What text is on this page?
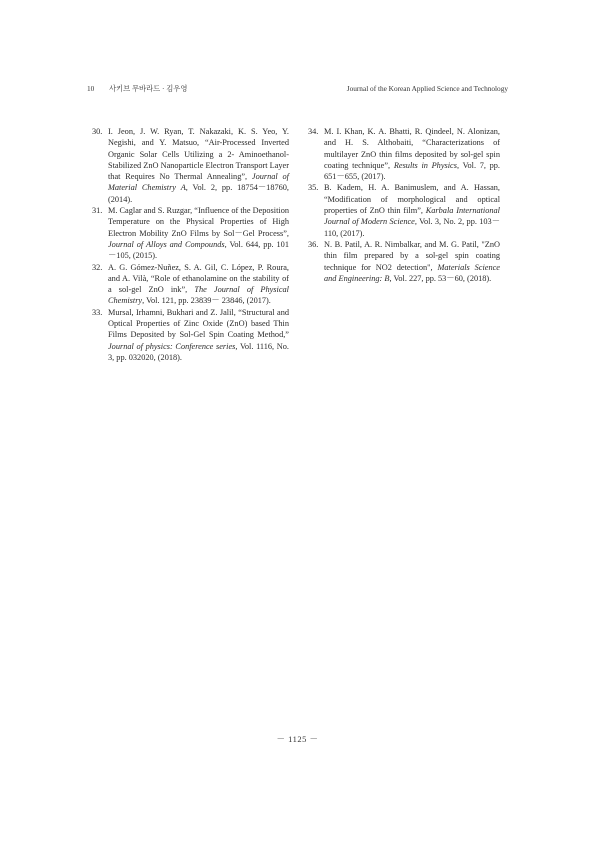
10 사키브 무바라드 · 김우영	Journal of the Korean Applied Science and Technology

30. I. Jeon, J. W. Ryan, T. Nakazaki, K. S. Yeo, Y. Negishi, and Y. Matsuo, “Air-Processed Inverted Organic Solar Cells Utilizing a 2- Aminoethanol-Stabilized ZnO Nanoparticle Electron Transport Layer that Requires No Thermal Annealing”, Journal of Material Chemistry A, Vol. 2, pp. 18754－18760, (2014).

31. M. Caglar and S. Ruzgar, “Influence of the Deposition Temperature on the Physical Properties of High Electron Mobility ZnO Films by Sol－Gel Process”, Journal of Alloys and Compounds, Vol. 644, pp. 101－105, (2015).

32. A. G. Gómez-Nuñez, S. A. Gil, C. López, P. Roura, and A. Vilà, “Role of ethanolamine on the stability of a sol-gel ZnO ink”, The Journal of Physical Chemistry, Vol. 121, pp. 23839－ 23846, (2017).

33. Mursal, Irhamni, Bukhari and Z. Jalil, “Structural and Optical Properties of Zinc Oxide (ZnO) based Thin Films Deposited by Sol-Gel Spin Coating Method,” Journal of physics: Conference series, Vol. 1116, No. 3, pp. 032020, (2018).

34. M. I. Khan, K. A. Bhatti, R. Qindeel, N. Alonizan, and H. S. Althobaiti, “Characterizations of multilayer ZnO thin films deposited by sol-gel spin coating technique”, Results in Physics, Vol. 7, pp. 651－655, (2017).

35. B. Kadem, H. A. Banimuslem, and A. Hassan, “Modification of morphological and optical properties of ZnO thin film”, Karbala International Journal of Modern Science, Vol. 3, No. 2, pp. 103－110, (2017).

36. N. B. Patil, A. R. Nimbalkar, and M. G. Patil, "ZnO thin film prepared by a sol-gel spin coating technique for NO2 detection", Materials Science and Engineering: B, Vol. 227, pp. 53－60, (2018).

－ 1125 －
